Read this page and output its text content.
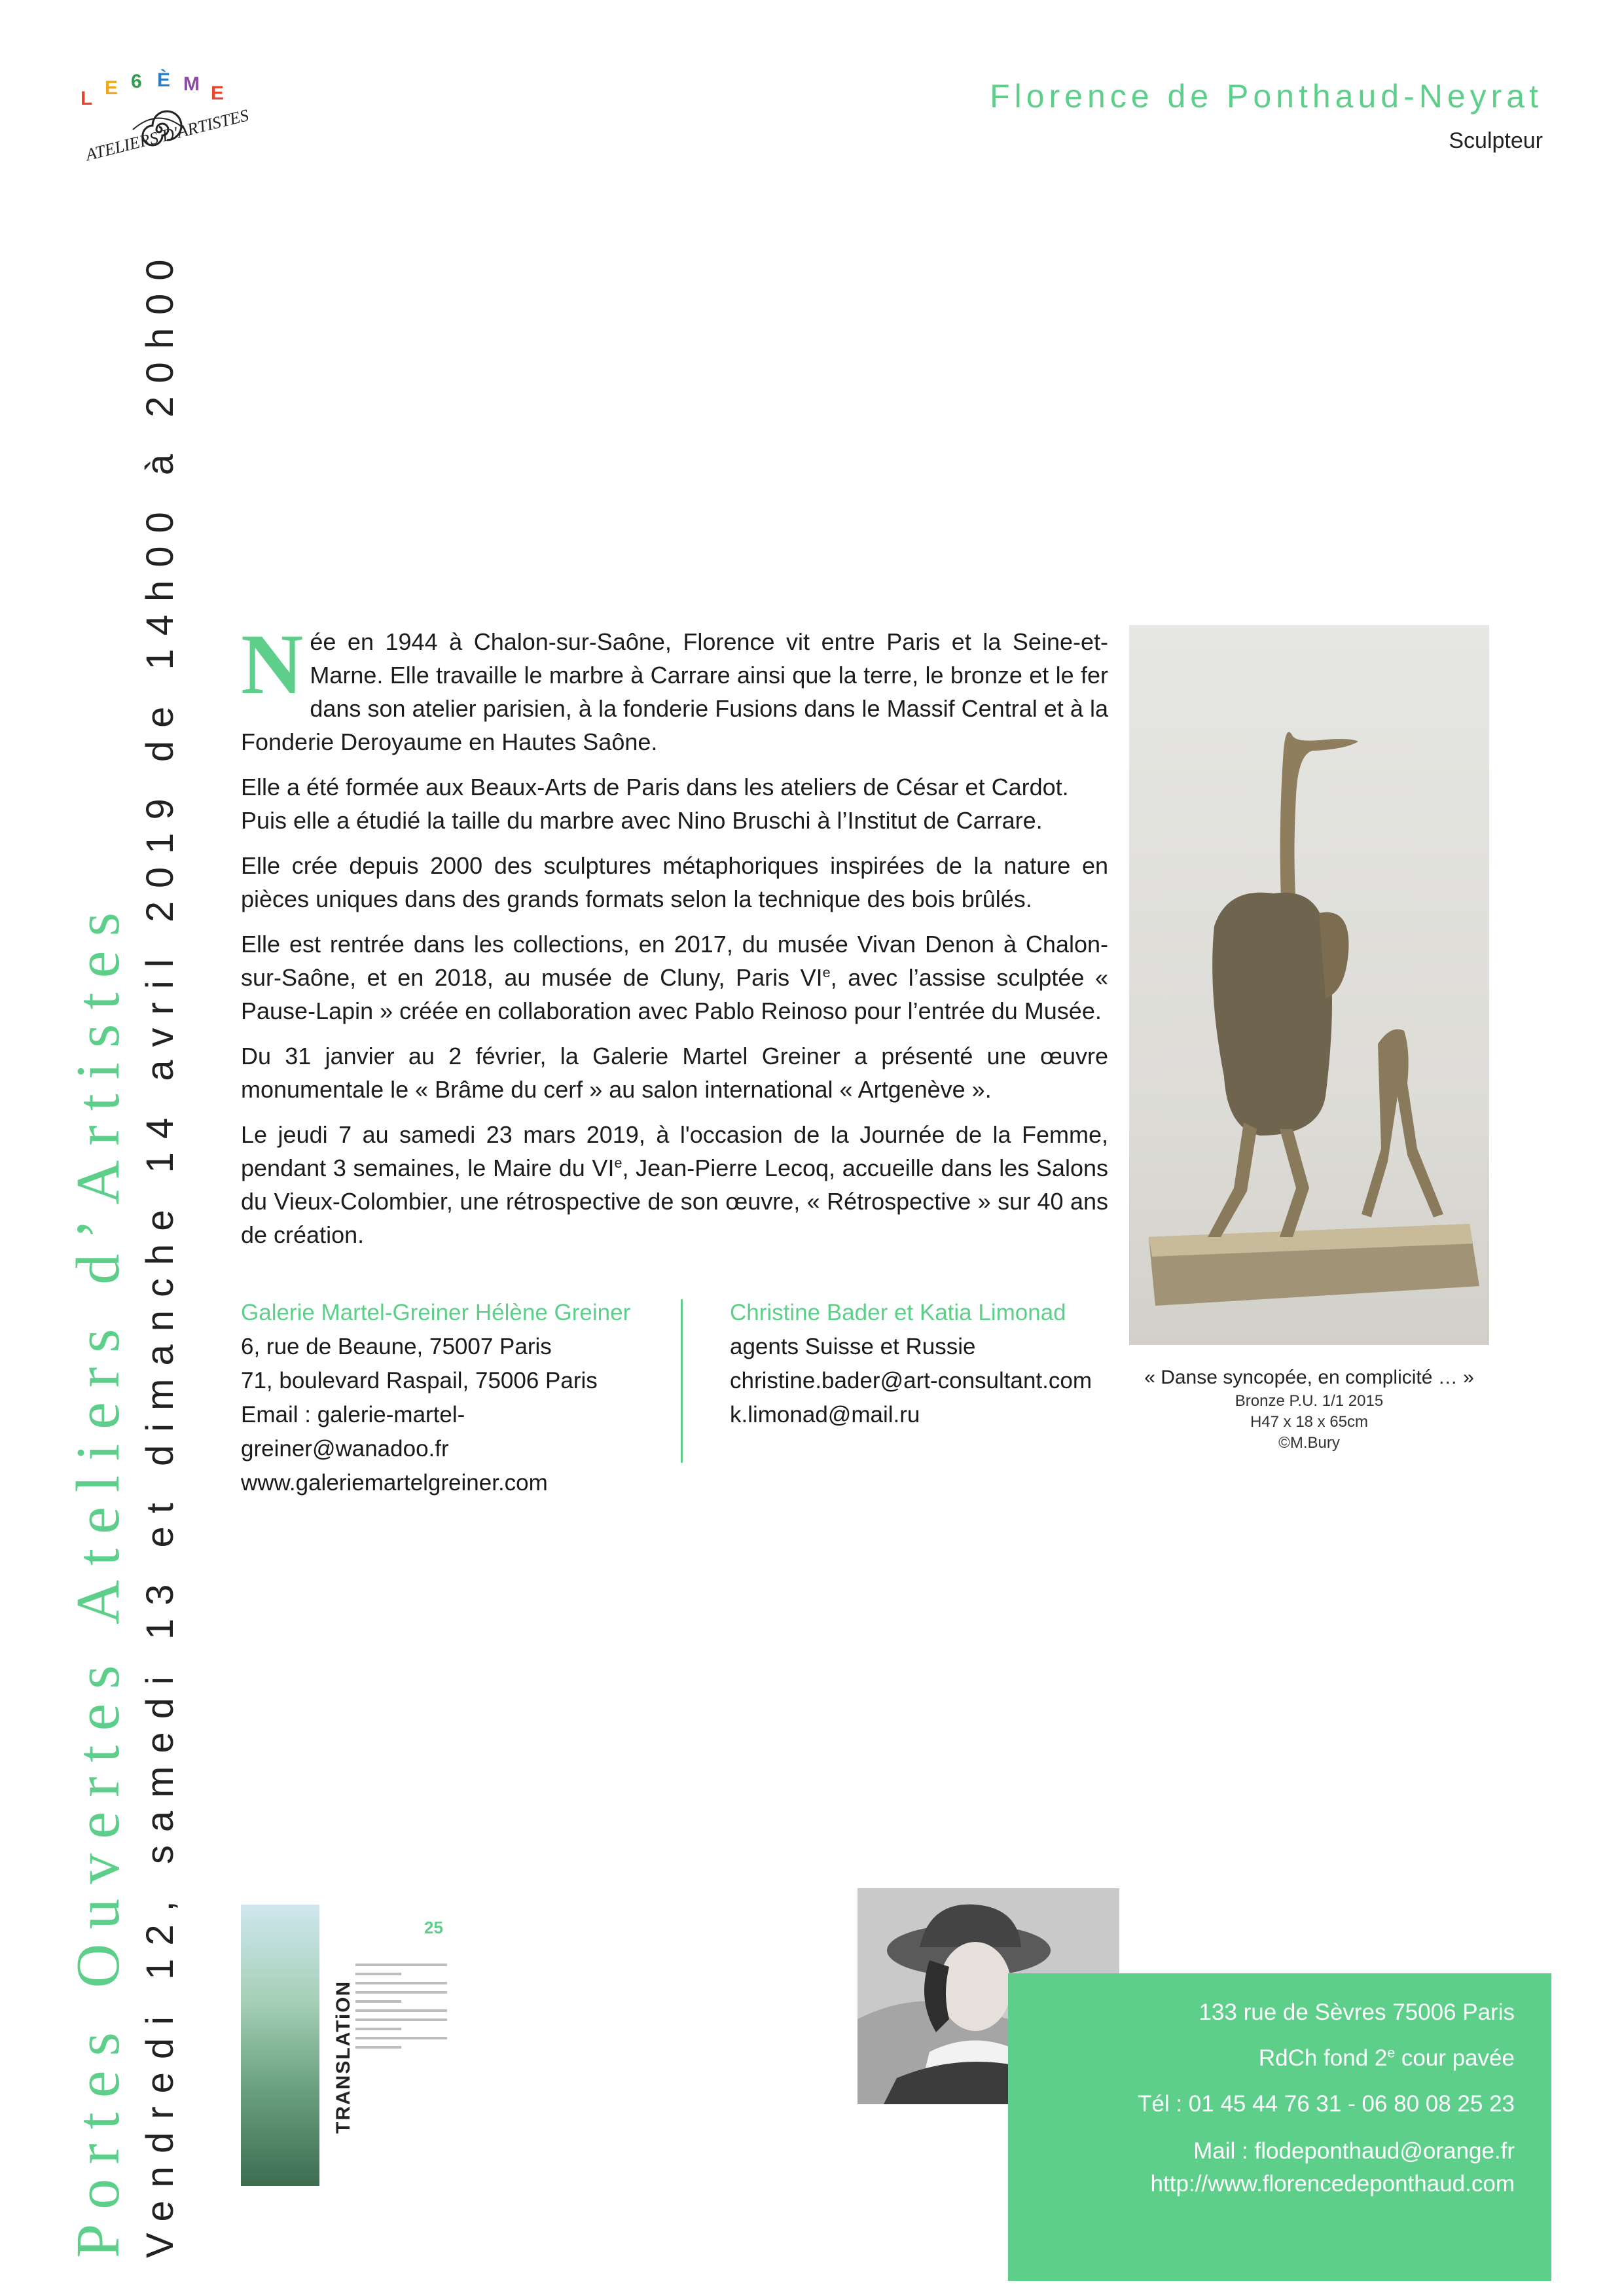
L E 6 È M E
ATELIERS D'ARTISTES
Florence de Ponthaud-Neyrat
Sculpteur
Portes Ouvertes Ateliers d’Artistes Vendredi 12, samedi 13 et dimanche 14 avril 2019 de 14h00 à 20h00 Née en 1944 à Chalon-sur-Saône, Florence vit entre Paris et la Seine-et-Marne. Elle travaille le marbre à Carrare ainsi que la terre, le bronze et le fer dans son atelier parisien, à la fonderie Fusions dans le Massif Central et à la Fonderie Deroyaume en Hautes Saône.

Elle a été formée aux Beaux-Arts de Paris dans les ateliers de César et Cardot.
Puis elle a étudié la taille du marbre avec Nino Bruschi à l’Institut de Carrare.

Elle crée depuis 2000 des sculptures métaphoriques inspirées de la nature en pièces uniques dans des grands formats selon la technique des bois brûlés.

Elle est rentrée dans les collections, en 2017, du musée Vivan Denon à Chalon-sur-Saône, et en 2018, au musée de Cluny, Paris VIe, avec l’assise sculptée « Pause-Lapin » créée en collaboration avec Pablo Reinoso pour l’entrée du Musée.

Du 31 janvier au 2 février, la Galerie Martel Greiner a présenté une œuvre monumentale le « Brâme du cerf » au salon international « Artgenève ».

Le jeudi 7 au samedi 23 mars 2019, à l'occasion de la Journée de la Femme, pendant 3 semaines, le Maire du VIe, Jean-Pierre Lecoq, accueille dans les Salons du Vieux-Colombier, une rétrospective de son œuvre, « Rétrospective » sur 40 ans de création.

« Danse syncopée, en complicité … »
Bronze P.U. 1/1 2015
H47 x 18 x 65cm
©M.Bury
Galerie Martel-Greiner Hélène Greiner
6, rue de Beaune, 75007 Paris
71, boulevard Raspail, 75006 Paris
Email : galerie-martel-greiner@wanadoo.fr
www.galeriemartelgreiner.com
Christine Bader et Katia Limonad
agents Suisse et Russie
christine.bader@art-consultant.com
k.limonad@mail.ru
TRANSLATiON
25
133 rue de Sèvres 75006 Paris
RdCh fond 2e cour pavée
Tél : 01 45 44 76 31 - 06 80 08 25 23
Mail : flodeponthaud@orange.fr
http://www.florencedeponthaud.com
